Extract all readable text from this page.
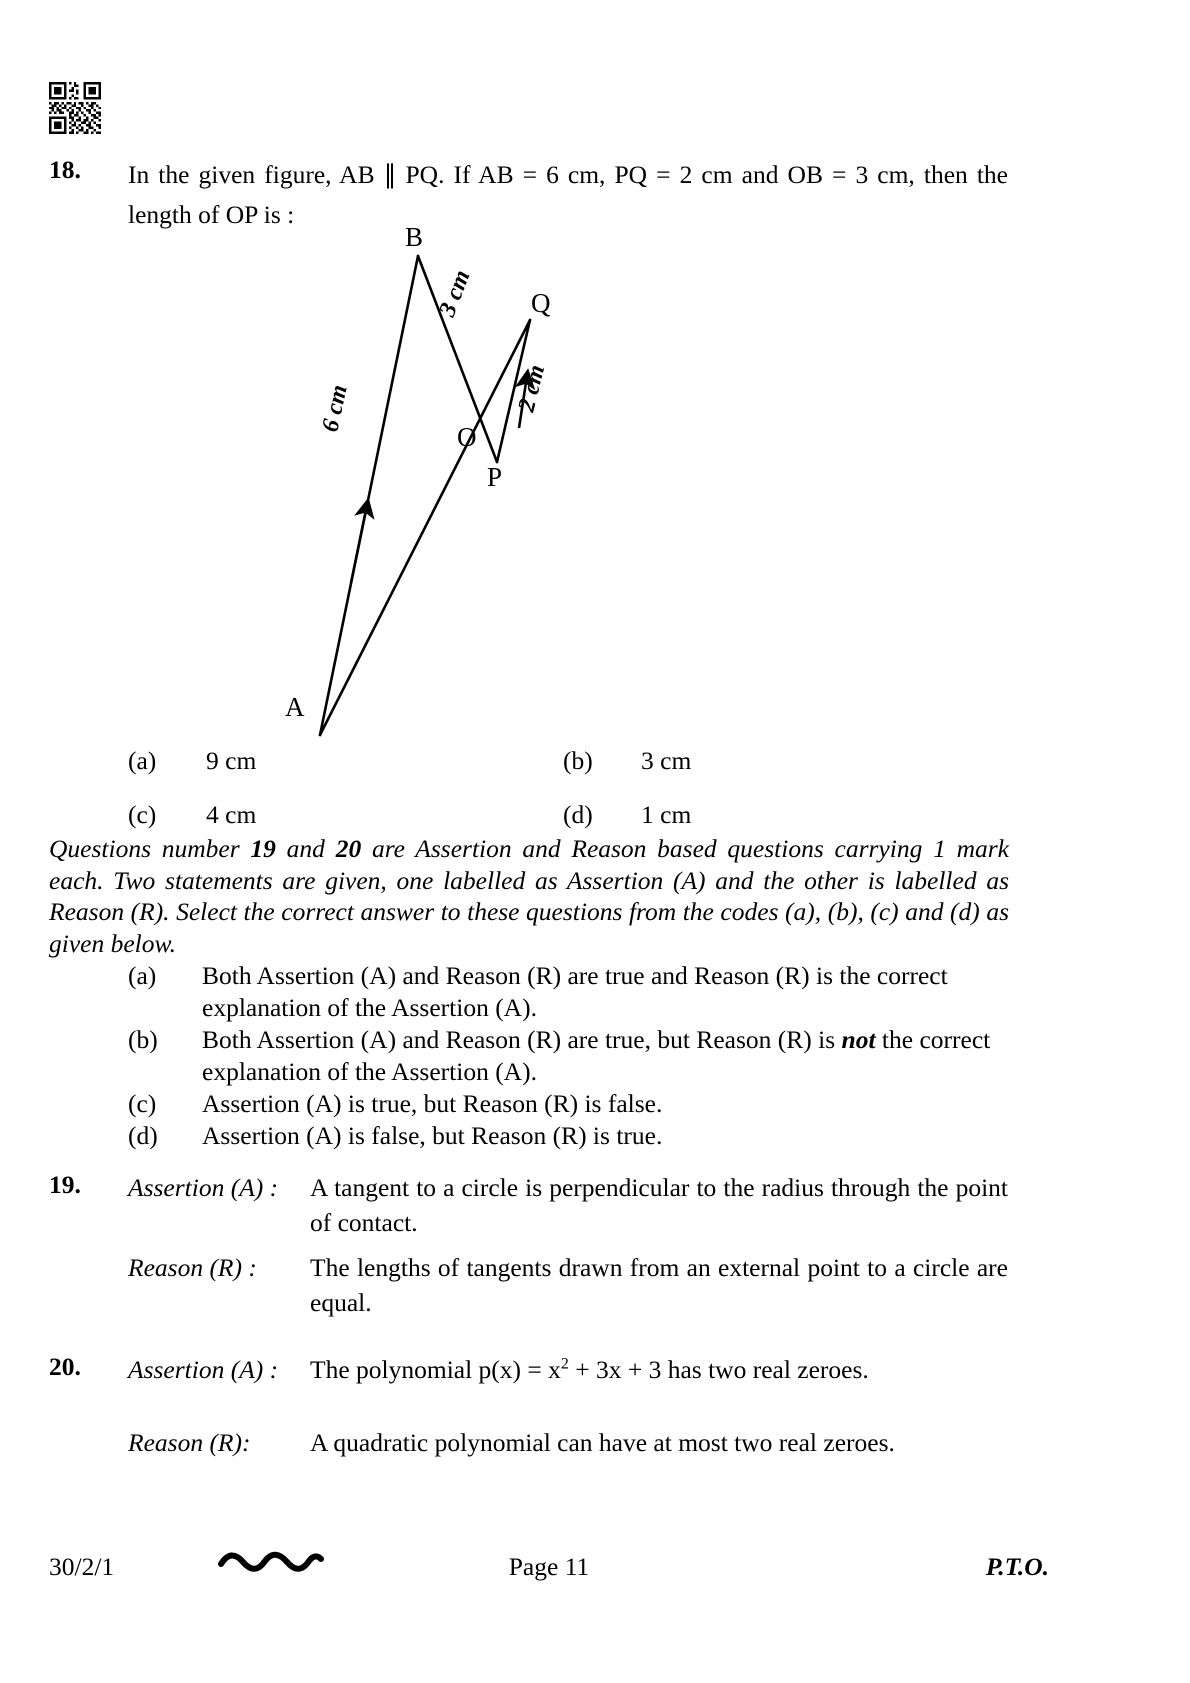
18. In the given figure, AB ∥ PQ. If AB = 6 cm, PQ = 2 cm and OB = 3 cm, then the length of OP is :
B
A
Q
O
P
6 cm
3 cm
2 cm
(a) 9 cm	(b) 3 cm
(c) 4 cm	(d) 1 cm
Questions number 19 and 20 are Assertion and Reason based questions carrying 1 mark each. Two statements are given, one labelled as Assertion (A) and the other is labelled as Reason (R). Select the correct answer to these questions from the codes (a), (b), (c) and (d) as given below.
(a) Both Assertion (A) and Reason (R) are true and Reason (R) is the correct explanation of the Assertion (A).
(b) Both Assertion (A) and Reason (R) are true, but Reason (R) is not the correct explanation of the Assertion (A).
(c) Assertion (A) is true, but Reason (R) is false.
(d) Assertion (A) is false, but Reason (R) is true.
19. Assertion (A) : A tangent to a circle is perpendicular to the radius through the point of contact.
Reason (R) : The lengths of tangents drawn from an external point to a circle are equal.
20. Assertion (A) : The polynomial $p(x) = x^2 + 3x + 3$ has two real zeroes.
Reason (R): A quadratic polynomial can have at most two real zeroes.
30/2/1	Page 11	P.T.O.
